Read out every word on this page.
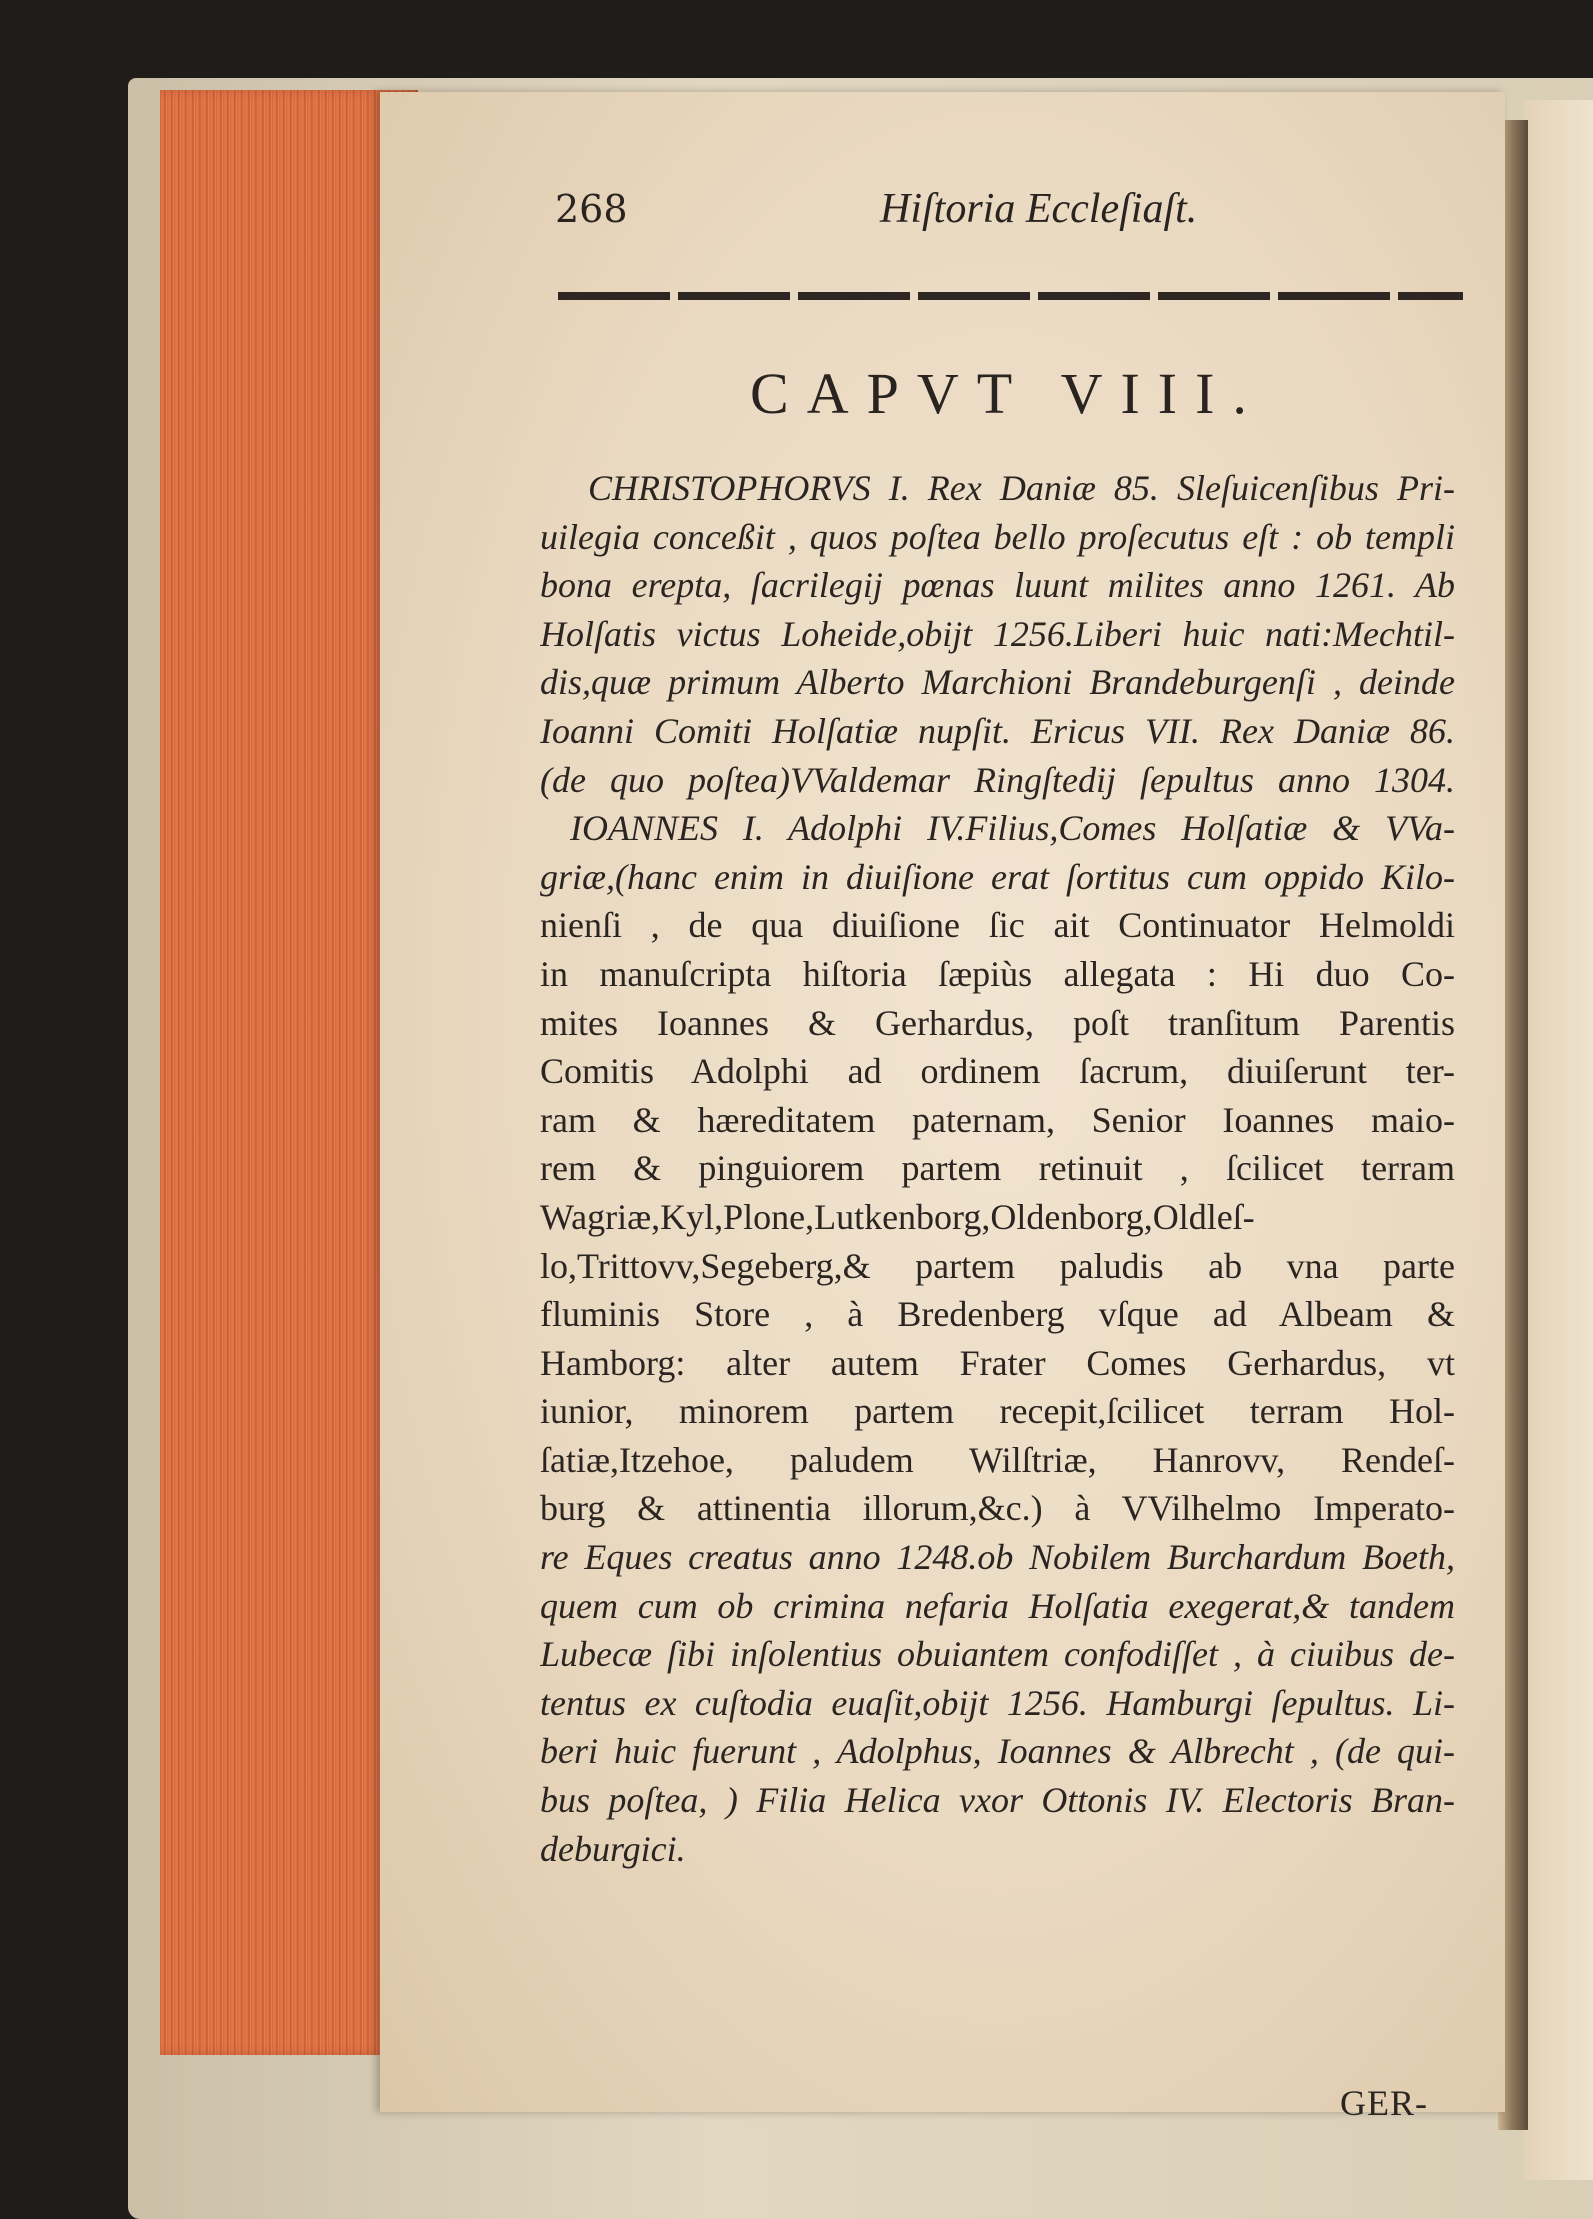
268	Hiſtoria Eccleſiaſt.
CAPVT VIII.
CHRISTOPHORVS I. Rex Daniæ 85. Sleſuicenſibus Pri-
uilegia conceßit , quos poſtea bello proſecutus eſt : ob templi
bona erepta, ſacrilegij pœnas luunt milites anno 1261. Ab
Holſatis victus Loheide,obijt 1256.Liberi huic nati:Mechtil-
dis,quæ primum Alberto Marchioni Brandeburgenſi , deinde
Ioanni Comiti Holſatiæ nupſit. Ericus VII. Rex Daniæ 86.
(de quo poſtea)VValdemar Ringſtedij ſepultus anno 1304.
IOANNES I. Adolphi IV.Filius,Comes Holſatiæ & VVa-
griæ,(hanc enim in diuiſione erat ſortitus cum oppido Kilo-
nienſi , de qua diuiſione ſic ait Continuator Helmoldi
in manuſcripta hiſtoria ſæpiùs allegata : Hi duo Co-
mites Ioannes & Gerhardus, poſt tranſitum Parentis
Comitis Adolphi ad ordinem ſacrum, diuiſerunt ter-
ram & hæreditatem paternam, Senior Ioannes maio-
rem & pinguiorem partem retinuit , ſcilicet terram
Wagriæ,Kyl,Plone,Lutkenborg,Oldenborg,Oldleſ-
lo,Trittovv,Segeberg,& partem paludis ab vna parte
fluminis Store , à Bredenberg vſque ad Albeam &
Hamborg: alter autem Frater Comes Gerhardus, vt
iunior, minorem partem recepit,ſcilicet terram Hol-
ſatiæ,Itzehoe, paludem Wilſtriæ, Hanrovv, Rendeſ-
burg & attinentia illorum,&c.) à VVilhelmo Imperato-
re Eques creatus anno 1248.ob Nobilem Burchardum Boeth,
quem cum ob crimina nefaria Holſatia exegerat,& tandem
Lubecæ ſibi inſolentius obuiantem confodiſſet , à ciuibus de-
tentus ex cuſtodia euaſit,obijt 1256. Hamburgi ſepultus. Li-
beri huic fuerunt , Adolphus, Ioannes & Albrecht , (de qui-
bus poſtea, ) Filia Helica vxor Ottonis IV. Electoris Bran-
deburgici.
GER-
